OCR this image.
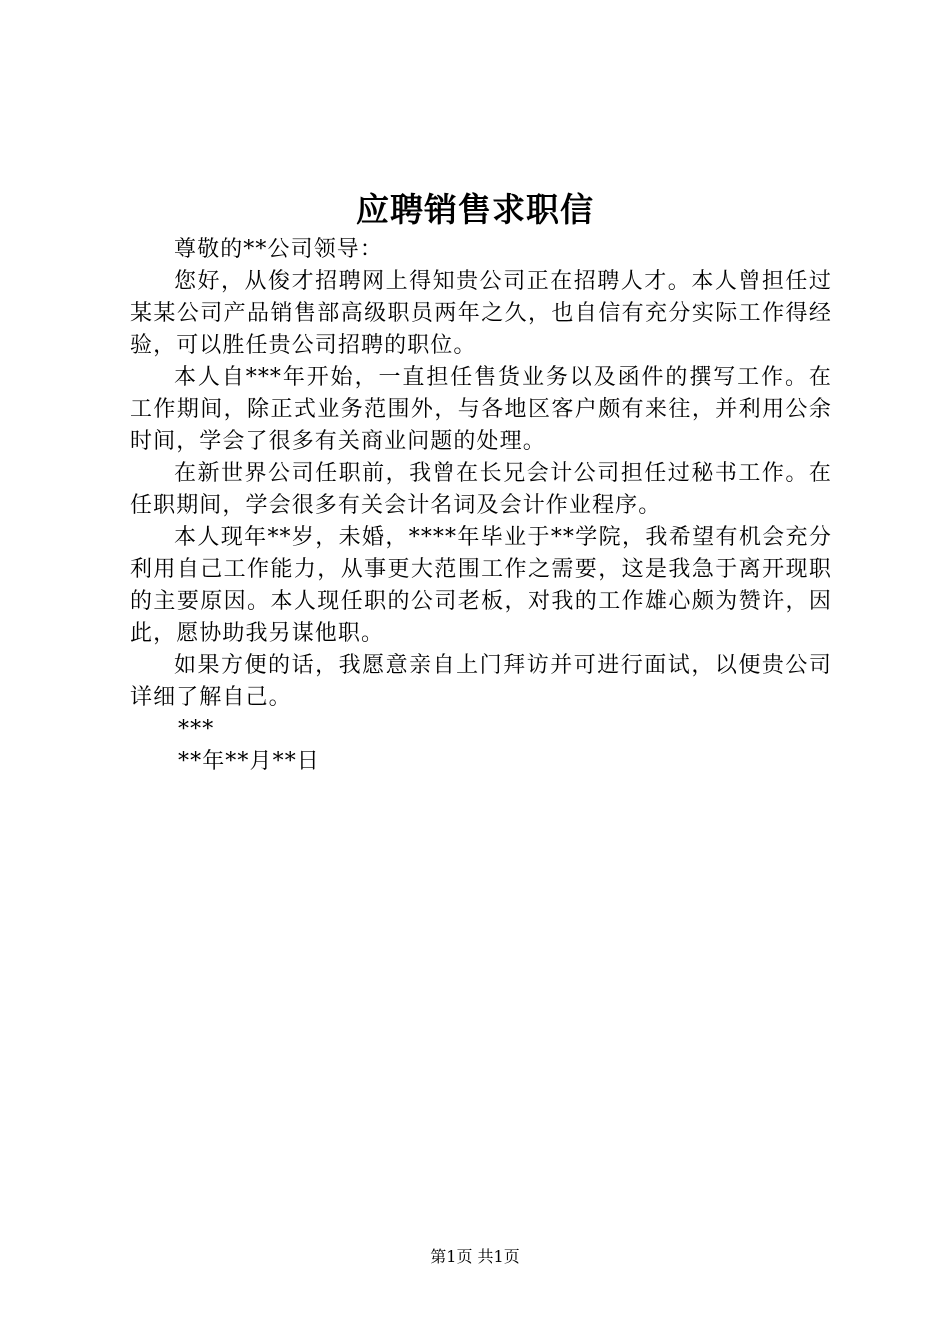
应聘销售求职信

尊敬的**公司领导：

您好，从俊才招聘网上得知贵公司正在招聘人才。本人曾担任过某某公司产品销售部高级职员两年之久，也自信有充分实际工作得经验，可以胜任贵公司招聘的职位。

本人自***年开始，一直担任售货业务以及函件的撰写工作。在工作期间，除正式业务范围外，与各地区客户颇有来往，并利用公余时间，学会了很多有关商业问题的处理。

在新世界公司任职前，我曾在长兄会计公司担任过秘书工作。在任职期间，学会很多有关会计名词及会计作业程序。

本人现年**岁，未婚，****年毕业于**学院，我希望有机会充分利用自己工作能力，从事更大范围工作之需要，这是我急于离开现职的主要原因。本人现任职的公司老板，对我的工作雄心颇为赞许，因此，愿协助我另谋他职。

如果方便的话，我愿意亲自上门拜访并可进行面试，以便贵公司详细了解自己。

***

**年**月**日

第1页 共1页
